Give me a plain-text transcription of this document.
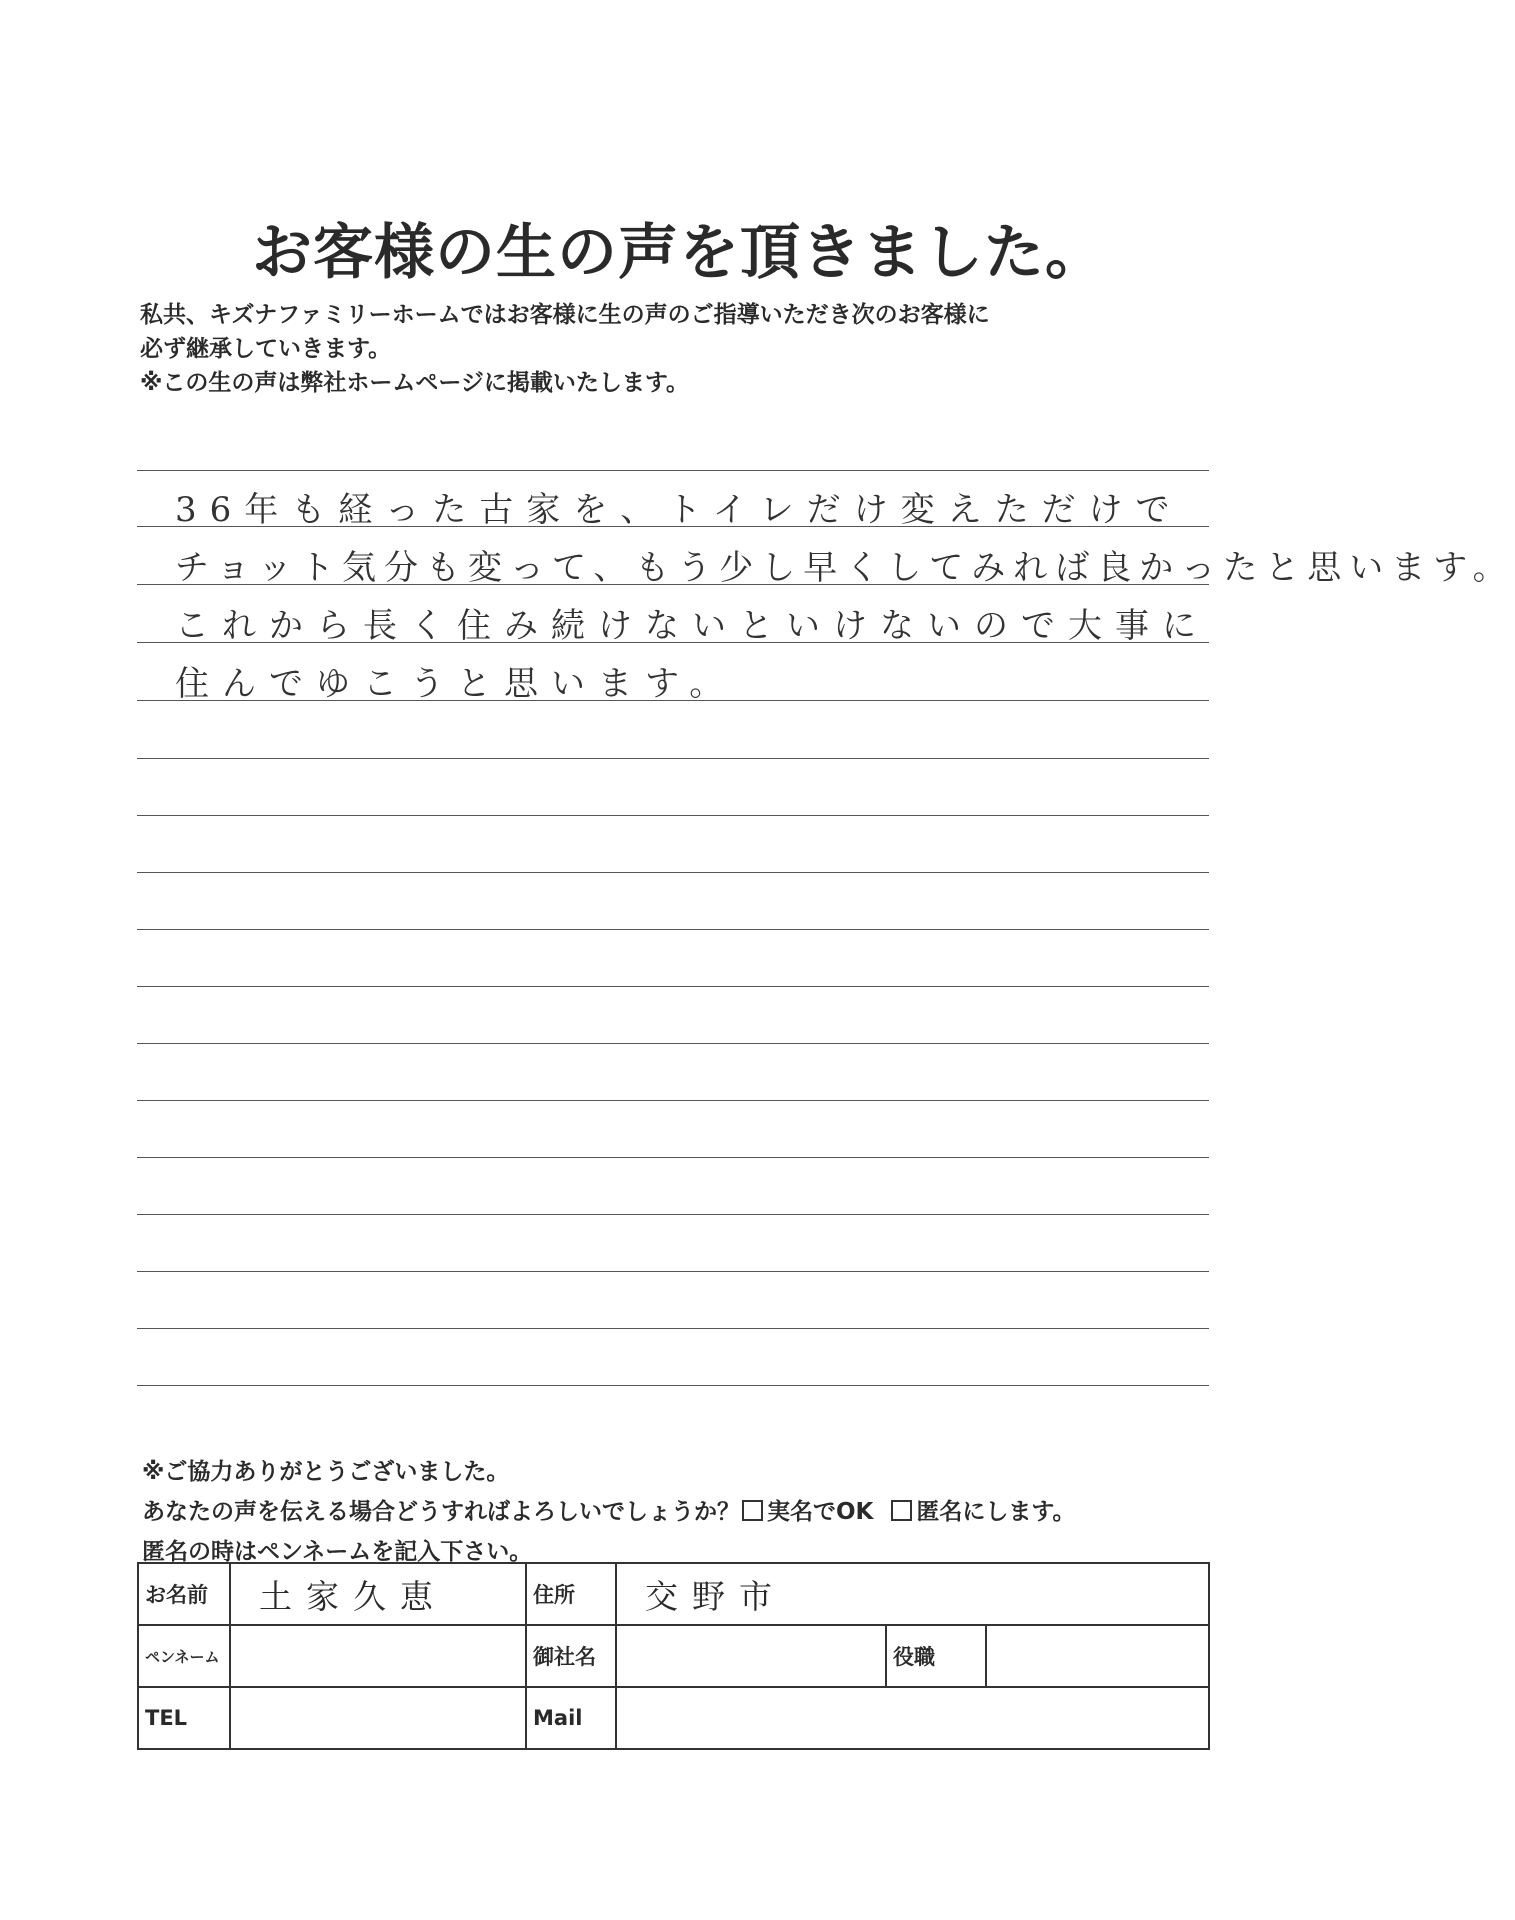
お客様の生の声を頂きました。
私共、キズナファミリーホームではお客様に生の声のご指導いただき次のお客様に
必ず継承していきます。
※この生の声は弊社ホームページに掲載いたします。
36年も経った古家を、トイレだけ変えただけで
チョット気分も変って、もう少し早くしてみれば良かったと思います。
これから長く住み続けないといけないので大事に
住んでゆこうと思います。
※ご協力ありがとうございました。
あなたの声を伝える場合どうすればよろしいでしょうか？ 実名でOK 匿名にします。
匿名の時はペンネームを記入下さい。
お名前	土家久恵	住所	交野市		
ペンネーム		御社名		役職	
TEL		Mail			
